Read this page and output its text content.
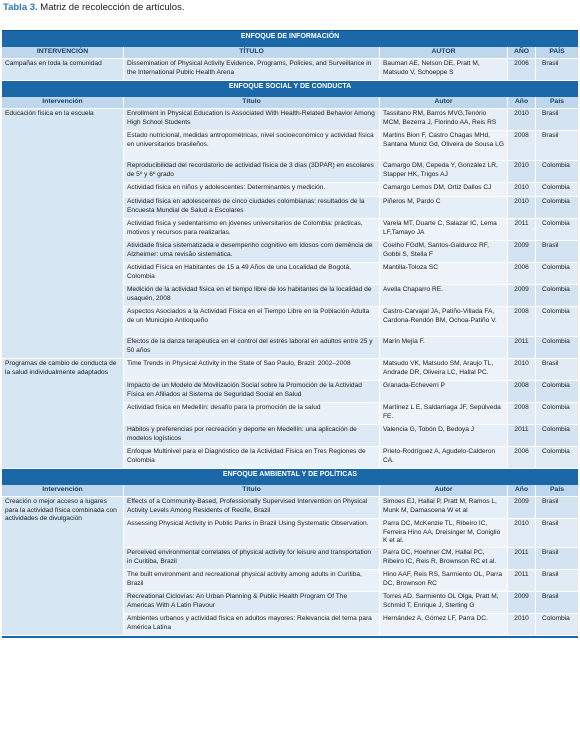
Tabla 3. Matriz de recolección de artículos.
ENFOQUE DE INFORMACIÓN				
INTERVENCIÓN	TÍTULO	AUTOR	AÑO	PAÍS
Campañas en toda la comunidad	Dissemination of Physical Activity Evidence, Programs, Policies, and Surveillance in the International Public Health Arena	Bauman AE, Nelson DE, Pratt M, Matsudo V, Schoeppe S	2006	Brasil
ENFOQUE SOCIAL Y DE CONDUCTA				
Intervención	Título	Autor	Año	País
Educación física en la escuela	Enrollment in Physical Education Is Associated With Health-Related Behavior Among High School Students	Tassitano RM, Barros MVG,Tenório MCM, Bezerra J, Florindo AA, Reis RS	2010	Brasil
	Estado nutricional, medidas antropométricas, nivel socioeconómico y actividad física en universitarios brasileños.	Martins Bion F, Castro Chagas MHd, Santana Muniz Gd, Oliveira de Sousa LG	2008	Brasil
	Reproducibilidad del recordatorio de actividad física de 3 días (3DPAR) en escolares de 5º y 6º grado	Camargo DM, Cepeda Y, González LR, Stapper HK, Trigos AJ	2010	Colombia
	Actividad física en niños y adolescentes: Determinantes y medición.	Camargo Lemos DM, Ortiz Dallos CJ	2010	Colombia
	Actividad física en adolescentes de cinco ciudades colombianas: resultados de la Encuesta Mundial de Salud a Escolares	Piñeros M, Pardo C	2010	Colombia
	Actividad física y sedentarismo en jóvenes universitarios de Colombia: prácticas, motivos y recursos para realizarlas.	Varela MT, Duarte C, Salazar IC, Lema LF,Tamayo JA	2011	Colombia
	Atividade física sistematizada e desempenho cognitivo em idosos com demência de Alzheimer: uma revisão sistemática.	Coelho FGdM, Santos-Galduroz RF, Gobbi S, Stella F	2009	Brasil
	Actividad Física en Habitantes de 15 a 49 Años de una Localidad de Bogotá, Colombia	Mantilla-Toloza SC	2006	Colombia
	Medición de la actividad física en el tiempo libre de los habitantes de la localidad de usaquén, 2008	Avella Chaparro RE.	2009	Colombia
	Aspectos Asociados a la Actividad Física en el Tiempo Libre en la Población Adulta de un Municipio Antioqueño	Castro-Carvajal JA, Patiño-Villada FA, Cardona-Rendón BM, Ochoa-Patiño V.	2008	Colombia
	Efectos de la danza terapéutica en el control del estrés laboral en adultos entre 25 y 50 años	Marín Mejía F.	2011	Colombia
Programas de cambio de conducta de la salud individualmente adaptados	Time Trends in Physical Activity in the State of Sao Paulo, Brazil: 2002–2008	Matsudo VK, Matsudo SM, Araujo TL, Andrade DR, Oliveira LC, Hallal PC.	2010	Brasil
	Impacto de un Modelo de Movilización Social sobre la Promoción de la Actividad Física en Afiliados al Sistema de Seguridad Social en Salud	Granada-Echeverri P	2008	Colombia
	Actividad física en Medellín: desafío para la promoción de la salud	Martínez L E, Saldarriaga JF, Sepúlveda FE.	2008	Colombia
	Hábitos y preferencias por recreación y deporte en Medellín: una aplicación de modelos logísticos	Valencia G, Tobón D, Bedoya J	2011	Colombia
	Enfoque Multinivel para el Diagnóstico de la Actividad Física en Tres Regiones de Colombia	Prieto-Rodríguez A, Agudelo-Calderon CA.	2006	Colombia
ENFOQUE AMBIENTAL Y DE POLÍTICAS				
Intervención	Título	Autor	Año	País
Creación o mejor acceso a lugares para la actividad física combinada con actividades de divulgación	Effects of a Community-Based, Professionally Supervised Intervention on Physical Activity Levels Among Residents of Recife, Brazil	Simoes EJ, Hallal P, Pratt M, Ramos L, Munk M, Damascena W et al	2009	Brasil
	Assessing Physical Activity in Public Parks in Brazil Using Systematic Observation.	Parra DC, McKenzie TL, Ribeiro IC, Ferreira Hino AA, Dreisinger M, Coniglio K et al.	2010	Brasil
	Perceived environmental correlates of physical activity for leisure and transportation in Curitiba, Brazil	Parra DC, Hoehner CM, Hallal PC, Ribeiro IC, Reis R, Brownson RC et al.	2011	Brasil
	The built environment and recreational physical activity among adults in Curitiba, Brazil	Hino AAF, Reis RS, Sarmiento OL, Parra DC, Brownson RC	2011	Brasil
	Recreational Ciclovías: An Urban Planning & Public Health Program Of The Americas With A Latin Flavour	Torres AD. Sarmiento OL Olga, Pratt M, Schmid T, Enrique J, Sterling G	2009	Brasil
	Ambientes urbanos y actividad física en adultos mayores: Relevancia del tema para América Latina	Hernández A, Gómez LF, Parra DC.	2010	Colombia
